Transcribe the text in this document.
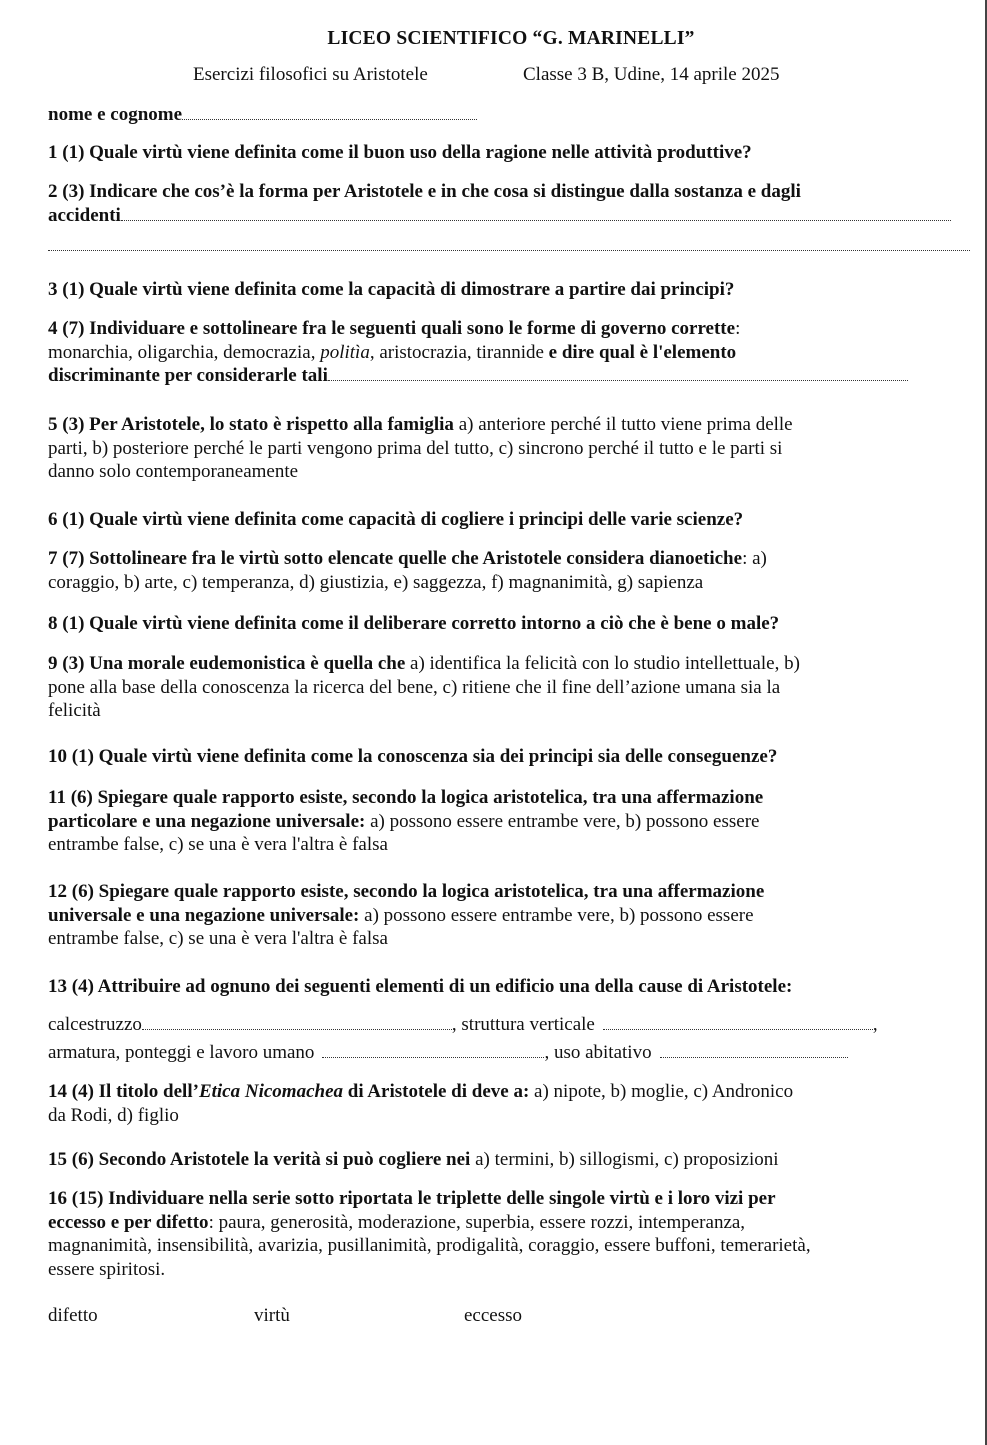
LICEO SCIENTIFICO “G. MARINELLI”
Esercizi filosofici su Aristotele	Classe 3 B, Udine, 14 aprile 2025
nome e cognome
1 (1) Quale virtù viene definita come il buon uso della ragione nelle attività produttive?
2 (3) Indicare che cos’è la forma per Aristotele e in che cosa si distingue dalla sostanza e dagli
accidenti
3 (1) Quale virtù viene definita come la capacità di dimostrare a partire dai principi?
4 (7) Individuare e sottolineare fra le seguenti quali sono le forme di governo corrette:
monarchia, oligarchia, democrazia, politìa, aristocrazia, tirannide e dire qual è l'elemento
discriminante per considerarle tali
5 (3) Per Aristotele, lo stato è rispetto alla famiglia a) anteriore perché il tutto viene prima delle
parti, b) posteriore perché le parti vengono prima del tutto, c) sincrono perché il tutto e le parti si
danno solo contemporaneamente
6 (1) Quale virtù viene definita come capacità di cogliere i principi delle varie scienze?
7 (7) Sottolineare fra le virtù sotto elencate quelle che Aristotele considera dianoetiche: a)
coraggio, b) arte, c) temperanza, d) giustizia, e) saggezza, f) magnanimità, g) sapienza
8 (1) Quale virtù viene definita come il deliberare corretto intorno a ciò che è bene o male?
9 (3) Una morale eudemonistica è quella che a) identifica la felicità con lo studio intellettuale, b)
pone alla base della conoscenza la ricerca del bene, c) ritiene che il fine dell’azione umana sia la
felicità
10 (1) Quale virtù viene definita come la conoscenza sia dei principi sia delle conseguenze?
11 (6) Spiegare quale rapporto esiste, secondo la logica aristotelica, tra una affermazione
particolare e una negazione universale: a) possono essere entrambe vere, b) possono essere
entrambe false, c) se una è vera l'altra è falsa
12 (6) Spiegare quale rapporto esiste, secondo la logica aristotelica, tra una affermazione
universale e una negazione universale: a) possono essere entrambe vere, b) possono essere
entrambe false, c) se una è vera l'altra è falsa
13 (4) Attribuire ad ognuno dei seguenti elementi di un edificio una della cause di Aristotele:
calcestruzzo	, struttura verticale	,
armatura, ponteggi e lavoro umano	, uso abitativo
14 (4) Il titolo dell’Etica Nicomachea di Aristotele di deve a: a) nipote, b) moglie, c) Andronico
da Rodi, d) figlio
15 (6) Secondo Aristotele la verità si può cogliere nei a) termini, b) sillogismi, c) proposizioni
16 (15) Individuare nella serie sotto riportata le triplette delle singole virtù e i loro vizi per
eccesso e per difetto: paura, generosità, moderazione, superbia, essere rozzi, intemperanza,
magnanimità, insensibilità, avarizia, pusillanimità, prodigalità, coraggio, essere buffoni, temerarietà,
essere spiritosi.
difetto	virtù	eccesso
